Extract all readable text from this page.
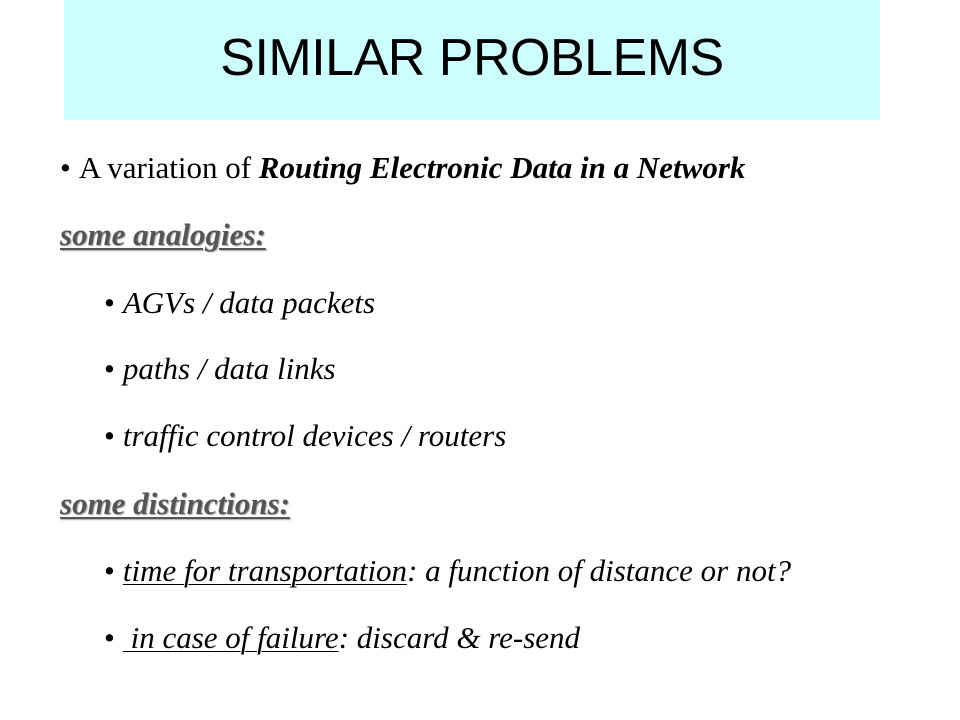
SIMILAR PROBLEMS
• A variation of Routing Electronic Data in a Network
some analogies:
• AGVs / data packets
• paths / data links
• traffic control devices / routers
some distinctions:
• time for transportation: a function of distance or not?
• in case of failure: discard & re-send
